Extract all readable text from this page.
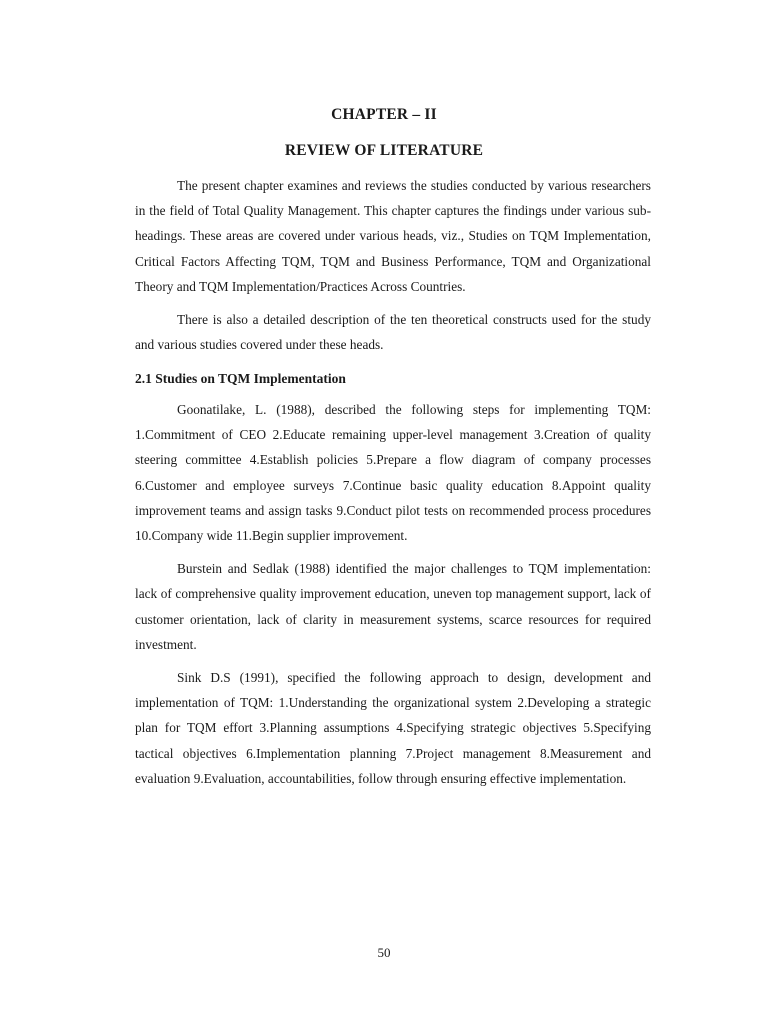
CHAPTER – II
REVIEW OF LITERATURE

The present chapter examines and reviews the studies conducted by various researchers in the field of Total Quality Management. This chapter captures the findings under various sub-headings. These areas are covered under various heads, viz., Studies on TQM Implementation, Critical Factors Affecting TQM, TQM and Business Performance, TQM and Organizational Theory and TQM Implementation/Practices Across Countries.

There is also a detailed description of the ten theoretical constructs used for the study and various studies covered under these heads.

2.1 Studies on TQM Implementation

Goonatilake, L. (1988), described the following steps for implementing TQM: 1.Commitment of CEO 2.Educate remaining upper-level management 3.Creation of quality steering committee 4.Establish policies 5.Prepare a flow diagram of company processes 6.Customer and employee surveys 7.Continue basic quality education 8.Appoint quality improvement teams and assign tasks 9.Conduct pilot tests on recommended process procedures 10.Company wide 11.Begin supplier improvement.

Burstein and Sedlak (1988) identified the major challenges to TQM implementation: lack of comprehensive quality improvement education, uneven top management support, lack of customer orientation, lack of clarity in measurement systems, scarce resources for required investment.

Sink D.S (1991), specified the following approach to design, development and implementation of TQM: 1.Understanding the organizational system 2.Developing a strategic plan for TQM effort 3.Planning assumptions 4.Specifying strategic objectives 5.Specifying tactical objectives 6.Implementation planning 7.Project management 8.Measurement and evaluation 9.Evaluation, accountabilities, follow through ensuring effective implementation.

50
